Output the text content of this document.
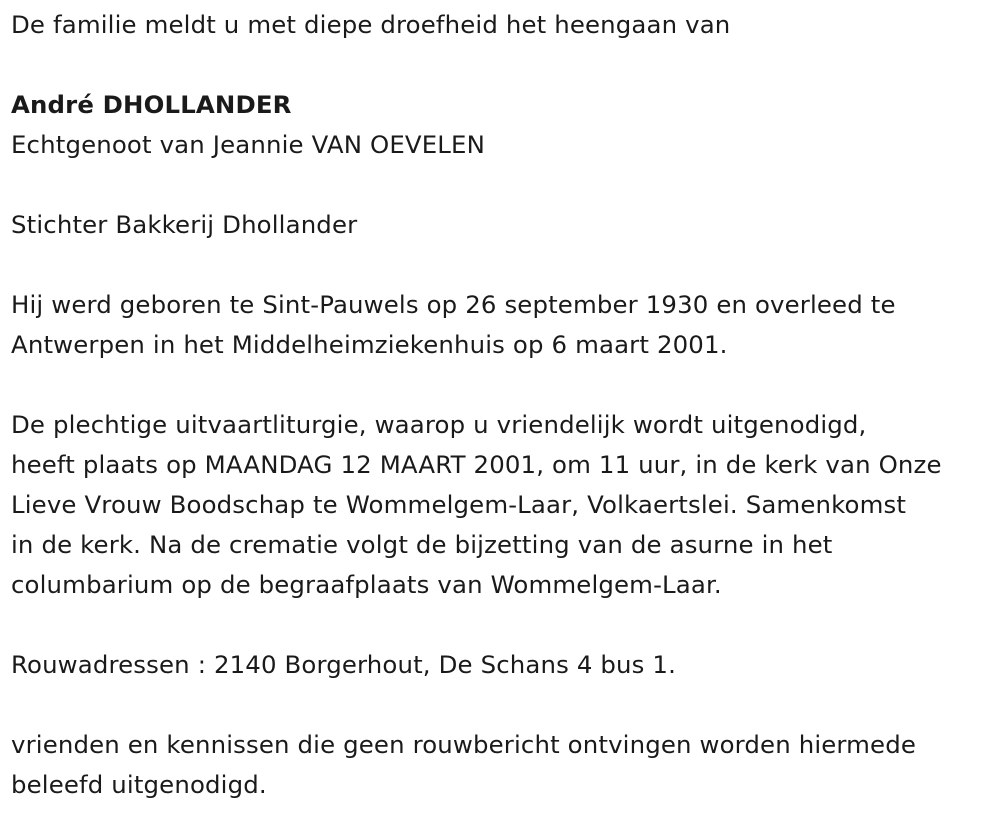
De familie meldt u met diepe droefheid het heengaan van

André DHOLLANDER

Echtgenoot van Jeannie VAN OEVELEN

Stichter Bakkerij Dhollander

Hij werd geboren te Sint-Pauwels op 26 september 1930 en overleed te

Antwerpen in het Middelheimziekenhuis op 6 maart 2001.

De plechtige uitvaartliturgie, waarop u vriendelijk wordt uitgenodigd,

heeft plaats op MAANDAG 12 MAART 2001, om 11 uur, in de kerk van Onze

Lieve Vrouw Boodschap te Wommelgem-Laar, Volkaertslei. Samenkomst

in de kerk. Na de crematie volgt de bijzetting van de asurne in het

columbarium op de begraafplaats van Wommelgem-Laar.

Rouwadressen : 2140 Borgerhout, De Schans 4 bus 1.

vrienden en kennissen die geen rouwbericht ontvingen worden hiermede

beleefd uitgenodigd.
